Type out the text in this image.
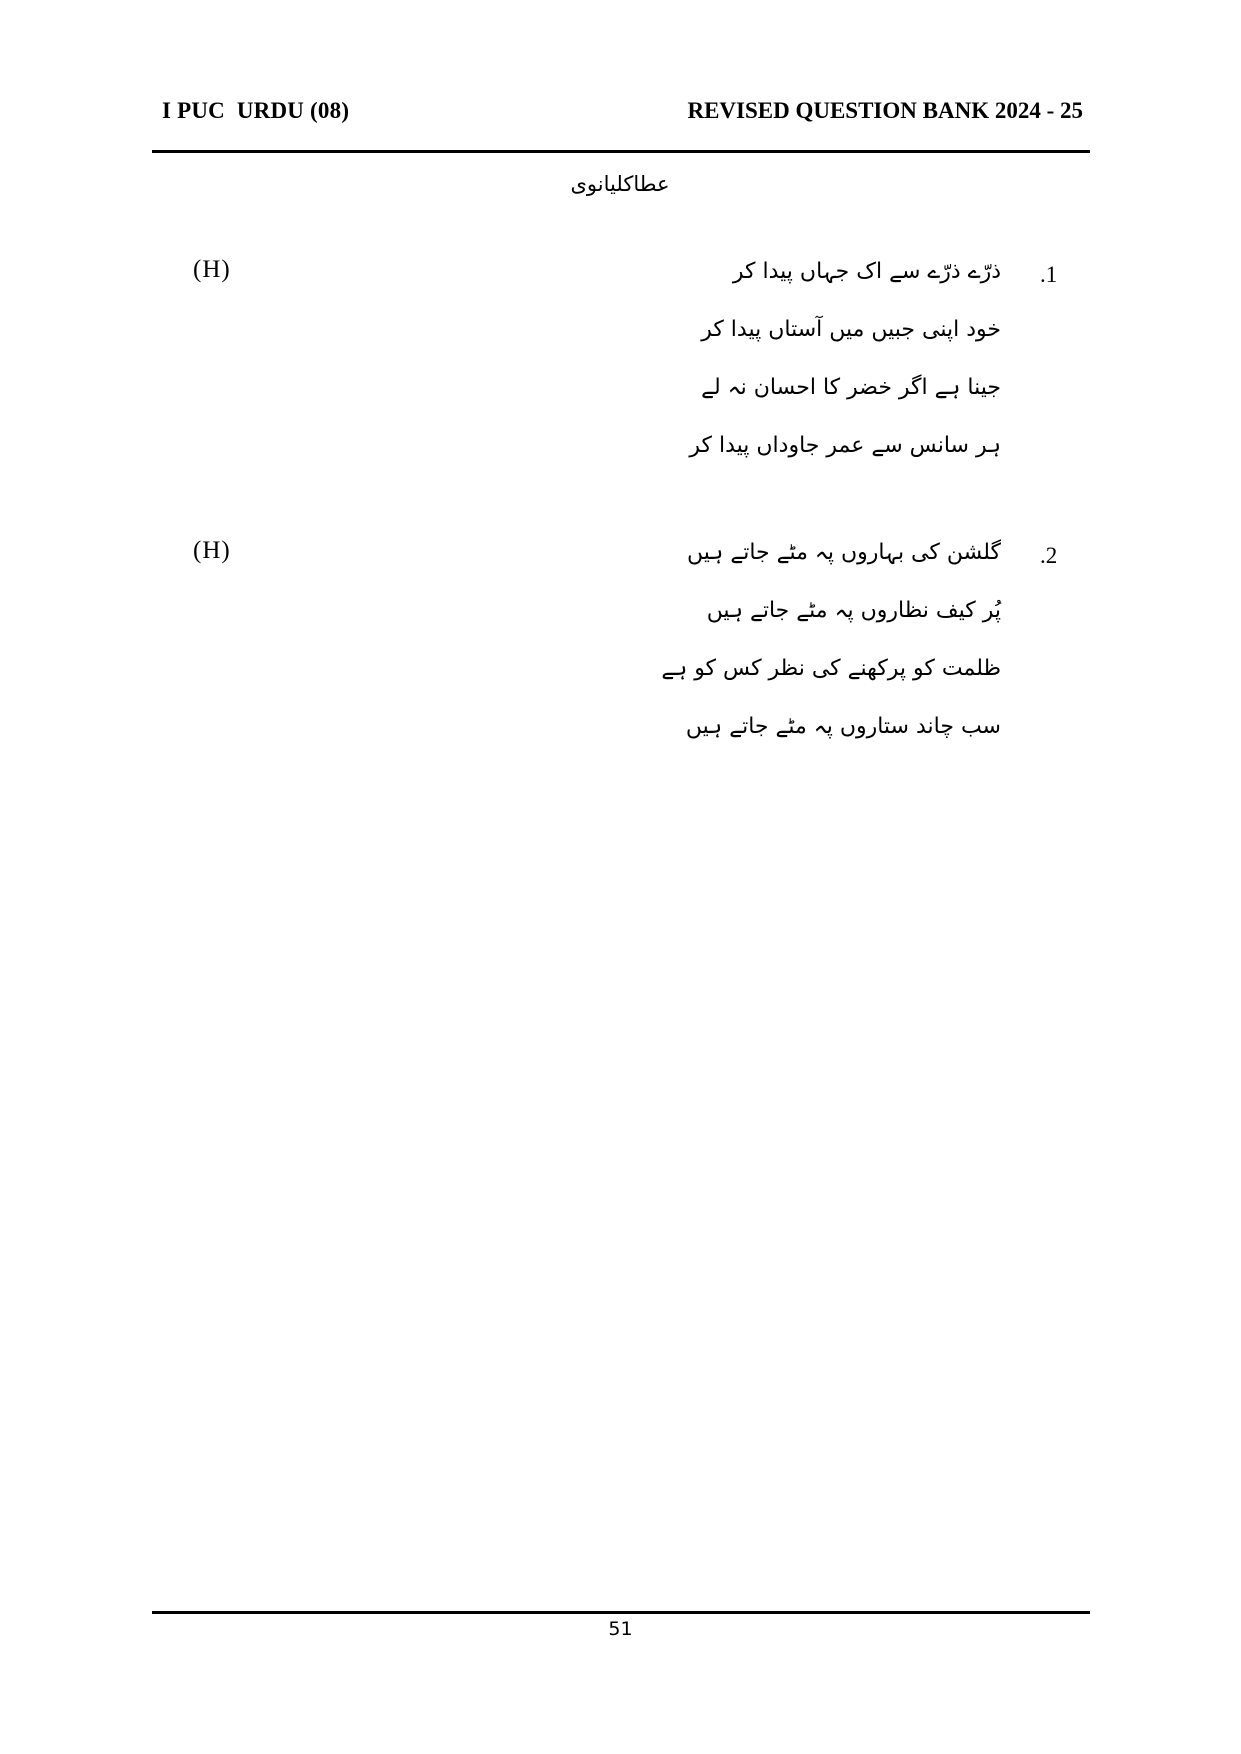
I PUC  URDU (08)	REVISED QUESTION BANK 2024 - 25
عطاکلیانوی
.1
(H)	ذرّے ذرّے سے اک جہاں پیدا کر
خود اپنی جبیں میں آستاں پیدا کر
جینا ہے اگر خضر کا احسان نہ لے
ہر سانس سے عمر جاوداں پیدا کر
.2
(H)	گلشن کی بہاروں پہ مٹے جاتے ہیں
پُر کیف نظاروں پہ مٹے جاتے ہیں
ظلمت کو پرکھنے کی نظر کس کو ہے
سب چاند ستاروں پہ مٹے جاتے ہیں
51
